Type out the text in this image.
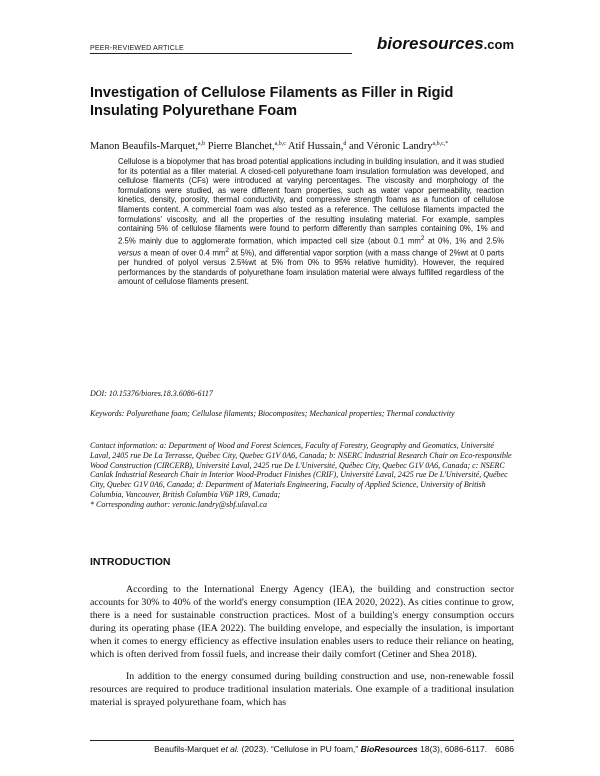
PEER-REVIEWED ARTICLE	bioresources.com
Investigation of Cellulose Filaments as Filler in Rigid Insulating Polyurethane Foam

Manon Beaufils-Marquet,$^{a,b}$ Pierre Blanchet,$^{a,b,c}$ Atif Hussain,$^d$ and Véronic Landry$^{a,b,c,*}$

Cellulose is a biopolymer that has broad potential applications including in building insulation, and it was studied for its potential as a filler material. A closed-cell polyurethane foam insulation formulation was developed, and cellulose filaments (CFs) were introduced at varying percentages. The viscosity and morphology of the formulations were studied, as were different foam properties, such as water vapor permeability, reaction kinetics, density, porosity, thermal conductivity, and compressive strength foams as a function of cellulose filaments content. A commercial foam was also tested as a reference. The cellulose filaments impacted the formulations' viscosity, and all the properties of the resulting insulating material. For example, samples containing 5% of cellulose filaments were found to perform differently than samples containing 0%, 1% and 2.5% mainly due to agglomerate formation, which impacted cell size (about 0.1 $mm^2$ at 0%, 1% and 2.5% versus a mean of over 0.4 $mm^2$ at 5%), and differential vapor sorption (with a mass change of 2%wt at 0 parts per hundred of polyol versus 2.5%wt at 5% from 0% to 95% relative humidity). However, the required performances by the standards of polyurethane foam insulation material were always fulfilled regardless of the amount of cellulose filaments present.

DOI: 10.15376/biores.18.3.6086-6117

Keywords: Polyurethane foam; Cellulose filaments; Biocomposites; Mechanical properties; Thermal conductivity

Contact information: a: Department of Wood and Forest Sciences, Faculty of Forestry, Geography and Geomatics, Université Laval, 2405 rue De La Terrasse, Québec City, Quebec G1V 0A6, Canada; b: NSERC Industrial Research Chair on Eco-responsible Wood Construction (CIRCERB), Université Laval, 2425 rue De L'Université, Québec City, Quebec G1V 0A6, Canada; c: NSERC Canlak Industrial Research Chair in Interior Wood-Product Finishes (CRIF), Université Laval, 2425 rue De L'Université, Québec City, Quebec G1V 0A6, Canada; d: Department of Materials Engineering, Faculty of Applied Science, University of British Columbia, Vancouver, British Columbia V6P 1R9, Canada;
* Corresponding author: veronic.landry@sbf.ulaval.ca

INTRODUCTION

According to the International Energy Agency (IEA), the building and construction sector accounts for 30% to 40% of the world's energy consumption (IEA 2020, 2022). As cities continue to grow, there is a need for sustainable construction practices. Most of a building's energy consumption occurs during its operating phase (IEA 2022). The building envelope, and especially the insulation, is important when it comes to energy efficiency as effective insulation enables users to reduce their reliance on heating, which is often derived from fossil fuels, and increase their daily comfort (Cetiner and Shea 2018).

In addition to the energy consumed during building construction and use, non-renewable fossil resources are required to produce traditional insulation materials. One example of a traditional insulation material is sprayed polyurethane foam, which has

Beaufils-Marquet et al. (2023). “Cellulose in PU foam,” BioResources 18(3), 6086-6117. 6086
